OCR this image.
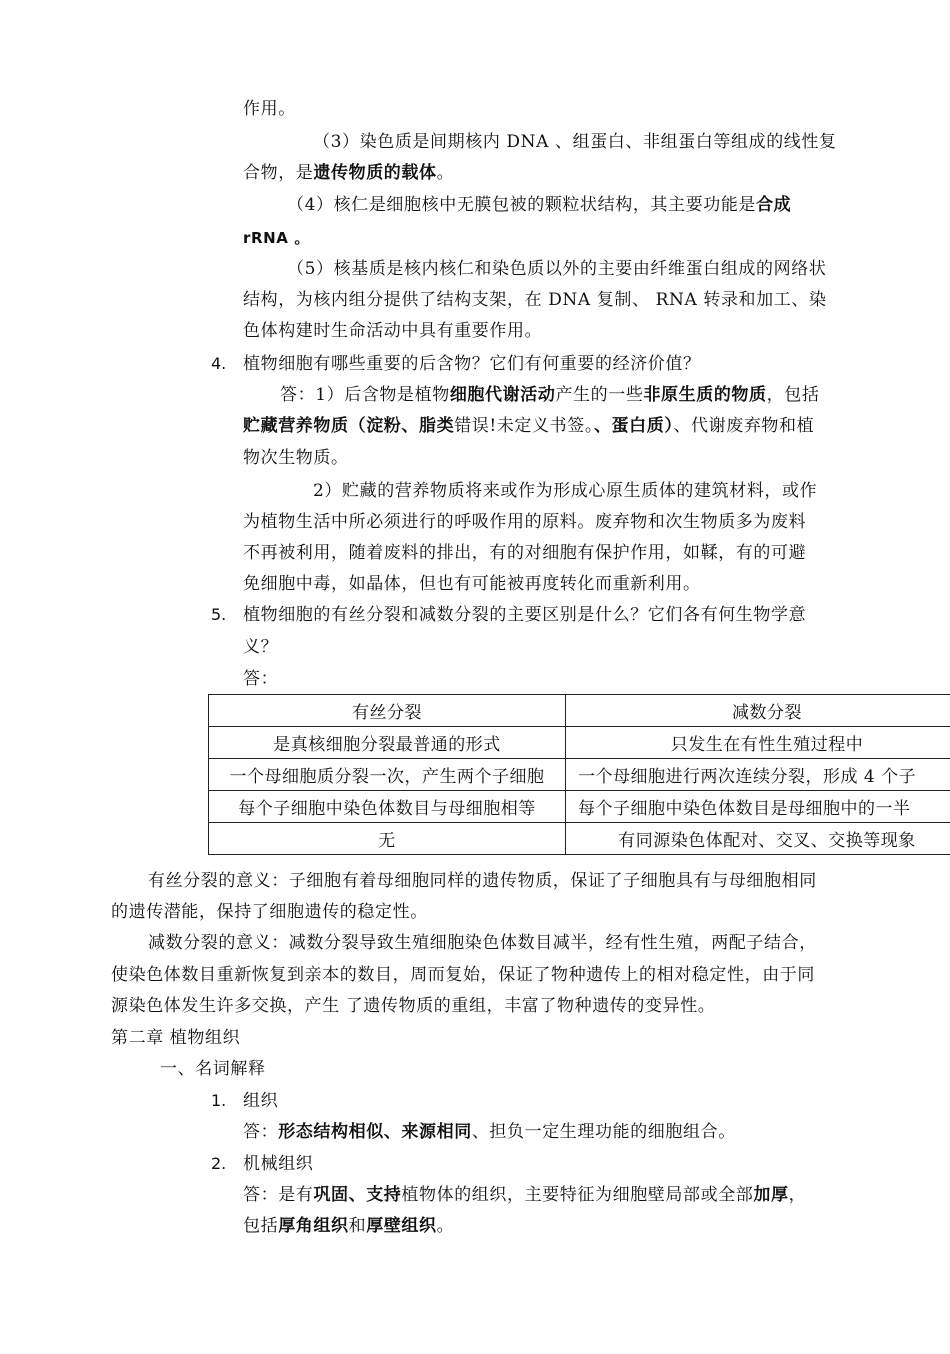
作用。
（3）染色质是间期核内 DNA 、组蛋白、非组蛋白等组成的线性复
合物，是遗传物质的载体。
（4）核仁是细胞核中无膜包被的颗粒状结构，其主要功能是合成
rRNA 。
（5）核基质是核内核仁和染色质以外的主要由纤维蛋白组成的网络状
结构，为核内组分提供了结构支架，在 DNA 复制、 RNA 转录和加工、染
色体构建时生命活动中具有重要作用。
4. 植物细胞有哪些重要的后含物？它们有何重要的经济价值？
答：1）后含物是植物细胞代谢活动产生的一些非原生质的物质，包括
贮藏营养物质（淀粉、脂类错误!未定义书签。、蛋白质）、代谢废弃物和植
物次生物质。
2）贮藏的营养物质将来或作为形成心原生质体的建筑材料，或作
为植物生活中所必须进行的呼吸作用的原料。废弃物和次生物质多为废料
不再被利用，随着废料的排出，有的对细胞有保护作用，如鞣，有的可避
免细胞中毒，如晶体，但也有可能被再度转化而重新利用。
5. 植物细胞的有丝分裂和减数分裂的主要区别是什么？它们各有何生物学意
义？
答：
有丝分裂	减数分裂
是真核细胞分裂最普通的形式	只发生在有性生殖过程中
一个母细胞质分裂一次，产生两个子细胞	一个母细胞进行两次连续分裂，形成 4 个子
每个子细胞中染色体数目与母细胞相等	每个子细胞中染色体数目是母细胞中的一半
无	有同源染色体配对、交叉、交换等现象
有丝分裂的意义：子细胞有着母细胞同样的遗传物质，保证了子细胞具有与母细胞相同
的遗传潜能，保持了细胞遗传的稳定性。
减数分裂的意义：减数分裂导致生殖细胞染色体数目减半，经有性生殖，两配子结合，
使染色体数目重新恢复到亲本的数目，周而复始，保证了物种遗传上的相对稳定性，由于同
源染色体发生许多交换，产生 了遗传物质的重组，丰富了物种遗传的变异性。
第二章 植物组织
一、名词解释
1. 组织
答：形态结构相似、来源相同、担负一定生理功能的细胞组合。
2. 机械组织
答：是有巩固、支持植物体的组织，主要特征为细胞壁局部或全部加厚，
包括厚角组织和厚壁组织。
